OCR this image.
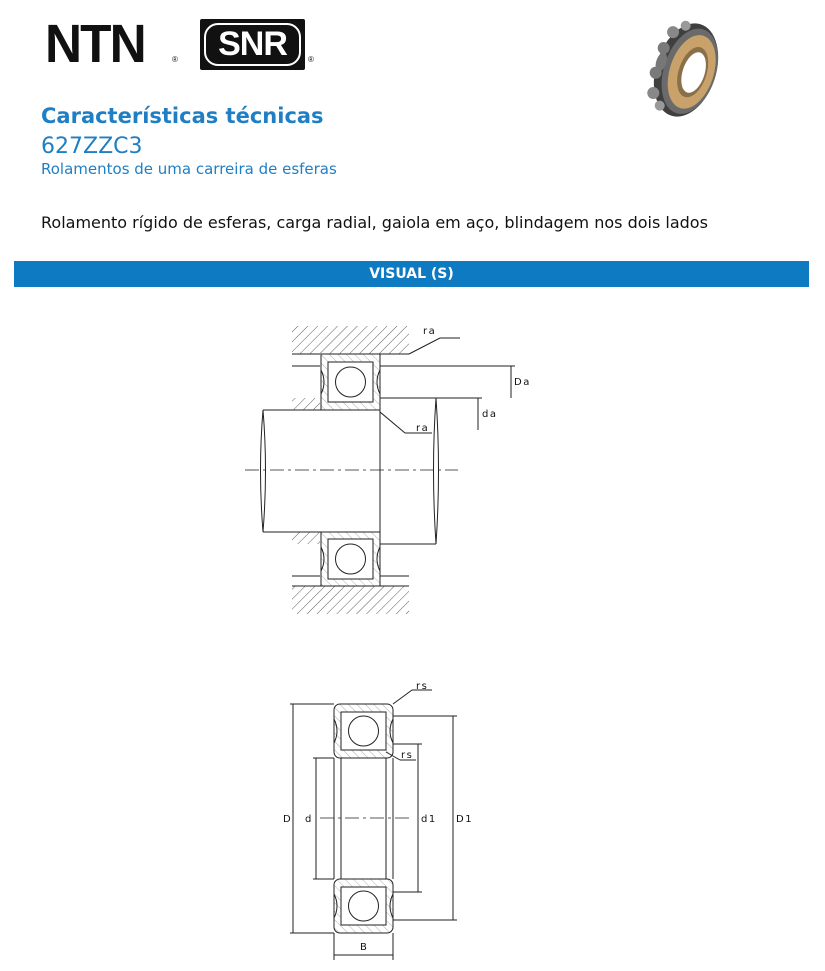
NTN	®	SNR	®
Características técnicas
627ZZC3
Rolamentos de uma carreira de esferas
Rolamento rígido de esferas, carga radial, gaiola em aço, blindagem nos dois lados
VISUAL (S)
ra
Da
da
ra
rs
rs
D d	d1 D1
B
